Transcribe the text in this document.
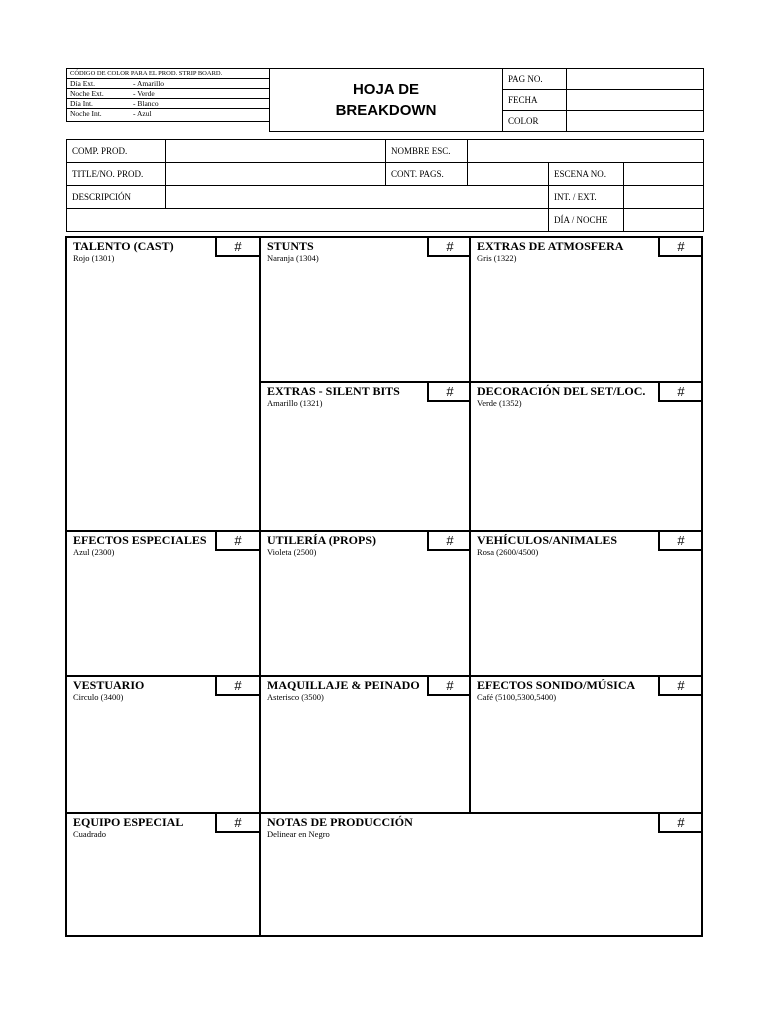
CÓDIGO DE COLOR PARA EL PROD. STRIP BOARD.
Día Ext.	- Amarillo
Noche Ext.	- Verde
Día Int.	- Blanco
Noche Int.	- Azul
HOJA DE
BREAKDOWN
PAG NO.
FECHA
COLOR
COMP. PROD.	NOMBRE ESC.
TITLE/NO. PROD.	CONT. PAGS.	ESCENA NO.
DESCRIPCIÓN	INT. / EXT.
DÍA / NOCHE
TALENTO (CAST)
Rojo (1301)
# STUNTS
Naranja (1304)
# EXTRAS DE ATMOSFERA
Gris (1322)
#
EXTRAS - SILENT BITS
Amarillo (1321)
# DECORACIÓN DEL SET/LOC.
Verde (1352)
#
EFECTOS ESPECIALES
Azul (2300)
# UTILERÍA (PROPS)
Violeta (2500)
# VEHÍCULOS/ANIMALES
Rosa (2600/4500)
#
VESTUARIO
Circulo (3400)
# MAQUILLAJE & PEINADO
Asterisco (3500)
# EFECTOS SONIDO/MÚSICA
Café (5100,5300,5400)
#
EQUIPO ESPECIAL
Cuadrado
# NOTAS DE PRODUCCIÓN
Delinear en Negro
#
